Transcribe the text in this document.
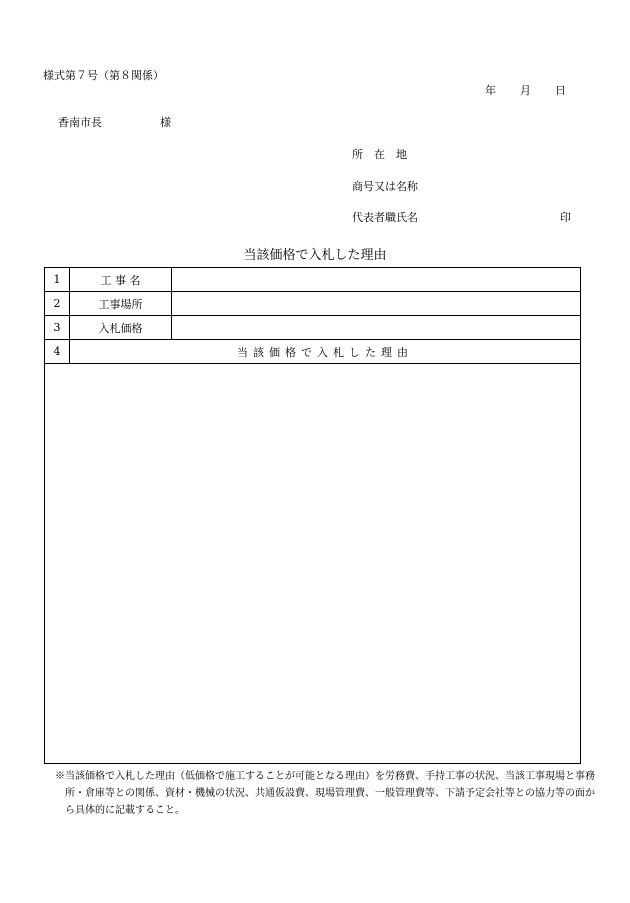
様式第７号（第８関係）
年 月 日
香南市長	様
所　在　地
商号又は名称
代表者職氏名	印
当該価格で入札した理由
1	工 事 名	
2	工事場所	
3	入札価格	
4	当該価格で入札した理由	

※当該価格で入札した理由（低価格で施工することが可能となる理由）を労務費、手持工事の状況、当該工事現場と事務所・倉庫等との関係、資材・機械の状況、共通仮設費、現場管理費、一般管理費等、下請予定会社等との協力等の面から具体的に記載すること。
